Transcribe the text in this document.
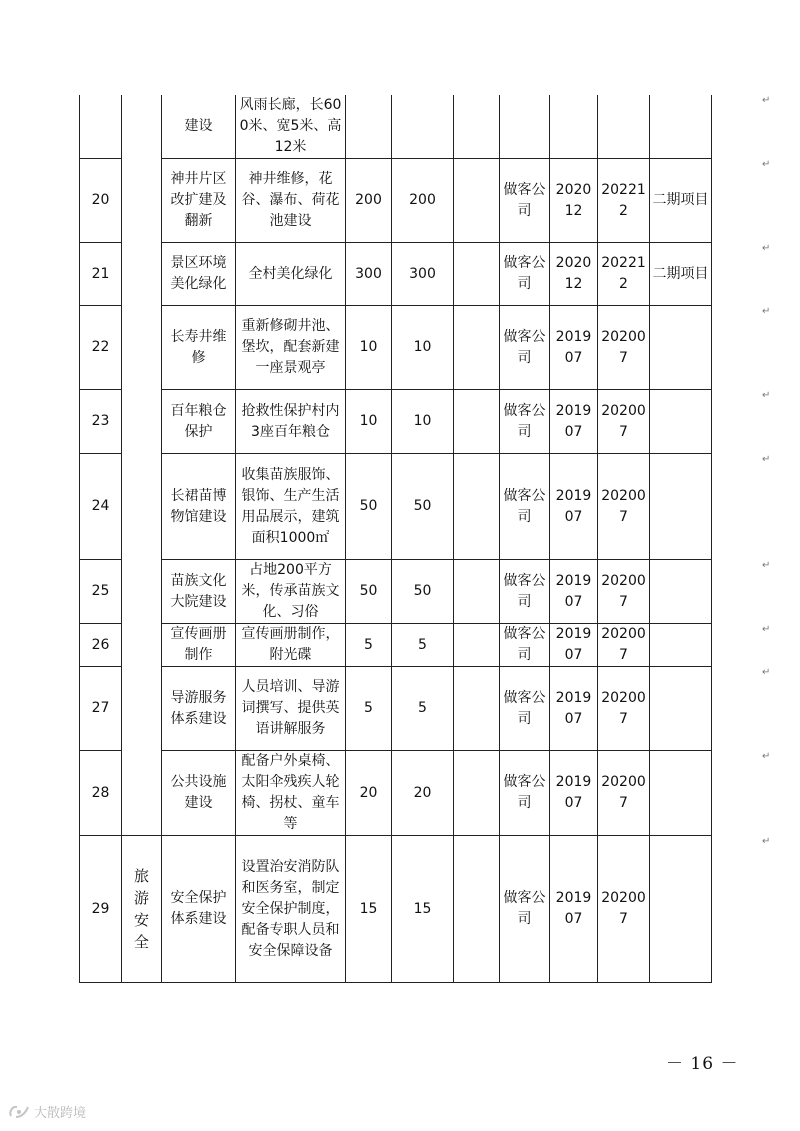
		建设	风雨长廊，长600米、宽5米、高12米							
20		神井片区改扩建及翻新	神井维修，花谷、瀑布、荷花池建设	200	200		做客公司	202012	202212	二期项目
21		景区环境美化绿化	全村美化绿化	300	300		做客公司	202012	202212	二期项目
22		长寿井维修	重新修砌井池、堡坎，配套新建一座景观亭	10	10		做客公司	201907	202007	
23		百年粮仓保护	抢救性保护村内3座百年粮仓	10	10		做客公司	201907	202007	
24		长裙苗博物馆建设	收集苗族服饰、银饰、生产生活用品展示，建筑面积1000㎡	50	50		做客公司	201907	202007	
25		苗族文化大院建设	占地200平方米，传承苗族文化、习俗	50	50		做客公司	201907	202007	
26		宣传画册制作	宣传画册制作，附光碟	5	5		做客公司	201907	202007	
27		导游服务体系建设	人员培训、导游词撰写、提供英语讲解服务	5	5		做客公司	201907	202007	
28		公共设施建设	配备户外桌椅、太阳伞残疾人轮椅、拐杖、童车等	20	20		做客公司	201907	202007	
29	旅游安全	安全保护体系建设	设置治安消防队和医务室，制定安全保护制度，配备专职人员和安全保障设备	15	15		做客公司	201907	202007	
↵
↵
↵
↵
↵
↵
↵
↵
↵
↵
↵
－ 16 －
大散跨境
